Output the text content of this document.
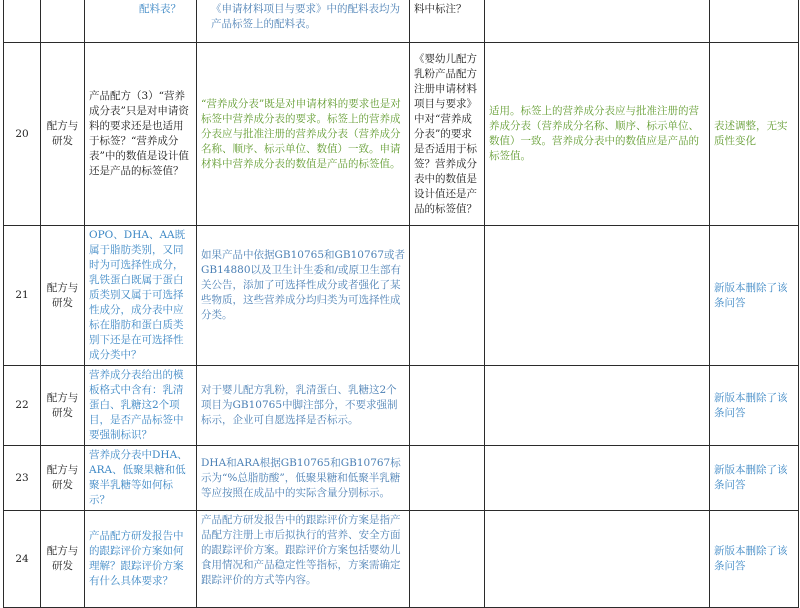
		配料表？	《申请材料项目与要求》中的配料表均为产品标签上的配料表。	料中标注？		
20	配方与研发	产品配方（3）“营养成分表”只是对申请资料的要求还是也适用于标签？“营养成分表”中的数值是设计值还是产品的标签值？	“营养成分表”既是对申请材料的要求也是对标签中营养成分表的要求。标签上的营养成分表应与批准注册的营养成分表（营养成分名称、顺序、标示单位、数值）一致。申请材料中营养成分表的数值是产品的标签值。	《婴幼儿配方乳粉产品配方注册申请材料项目与要求》中对“营养成分表”的要求是否适用于标签？营养成分表中的数值是设计值还是产品的标签值？	适用。标签上的营养成分表应与批准注册的营养成分表（营养成分名称、顺序、标示单位、数值）一致。营养成分表中的数值应是产品的标签值。	表述调整，无实质性变化
21	配方与研发	OPO、DHA、AA既属于脂肪类别，又同时为可选择性成分，乳铁蛋白既属于蛋白质类别又属于可选择性成分，成分表中应标在脂肪和蛋白质类别下还是在可选择性成分类中？	如果产品中依据GB10765和GB10767或者GB14880以及卫生计生委和/或原卫生部有关公告，添加了可选择性成分或者强化了某些物质，这些营养成分均归类为可选择性成分类。			新版本删除了该条问答
22	配方与研发	营养成分表给出的模板格式中含有：乳清蛋白、乳糖这2个项目，是否产品标签中要强制标识？	对于婴儿配方乳粉，乳清蛋白、乳糖这2个项目为GB10765中脚注部分，不要求强制标示，企业可自愿选择是否标示。			新版本删除了该条问答
23	配方与研发	营养成分表中DHA、ARA、低聚果糖和低聚半乳糖等如何标示？	DHA和ARA根据GB10765和GB10767标示为“%总脂肪酸”，低聚果糖和低聚半乳糖等应按照在成品中的实际含量分别标示。			新版本删除了该条问答
24	配方与研发	产品配方研发报告中的跟踪评价方案如何理解？跟踪评价方案有什么具体要求？	产品配方研发报告中的跟踪评价方案是指产品配方注册上市后拟执行的营养、安全方面的跟踪评价方案。跟踪评价方案包括婴幼儿食用情况和产品稳定性等指标，方案需确定跟踪评价的方式等内容。			新版本删除了该条问答
